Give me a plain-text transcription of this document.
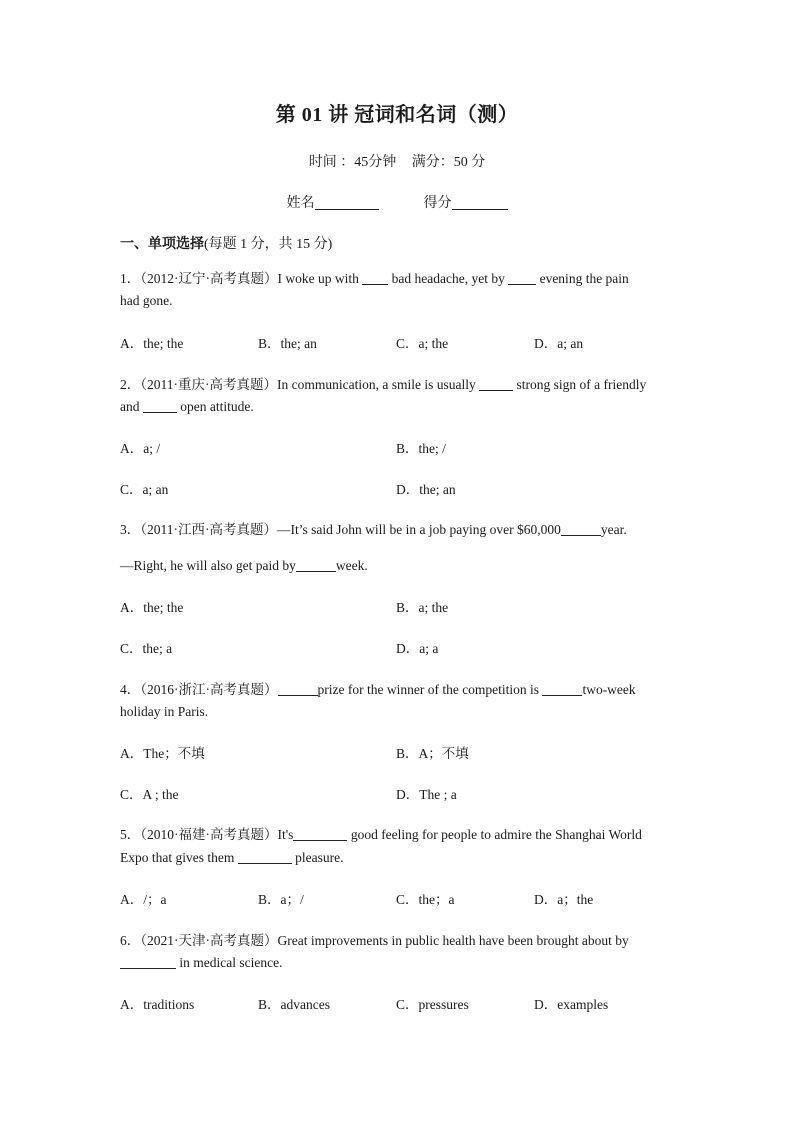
第 01 讲 冠词和名词（测）
时间 ：45分钟 满分：50 分
姓名	得分
一、单项选择(每题 1 分，共 15 分)
1．（2012·辽宁·高考真题）I woke up with  bad headache, yet by  evening the pain
had gone.
A．the; the	B．the; an	C．a; the	D．a; an
2．（2011·重庆·高考真题）In communication, a smile is usually	strong sign of a friendly
and	open attitude.
A．a; /	B．the; /
C．a; an	D．the; an
3．（2011·江西·高考真题）—It’s said John will be in a job paying over $60,000	year.
—Right, he will also get paid by	week.
A．the; the	B．a; the
C．the; a	D．a; a
4．（2016·浙江·高考真题）	prize for the winner of the competition is	two-week
holiday in Paris.
A．The；不填	B．A；不填
C．A ; the	D．The ; a
5．（2010·福建·高考真题）It's	good feeling for people to admire the Shanghai World
Expo that gives them	pleasure.
A．/；a	B．a；/	C．the；a	D．a；the
6．（2021·天津·高考真题）Great improvements in public health have been brought about by
in medical science.
A．traditions	B．advances	C．pressures	D．examples
